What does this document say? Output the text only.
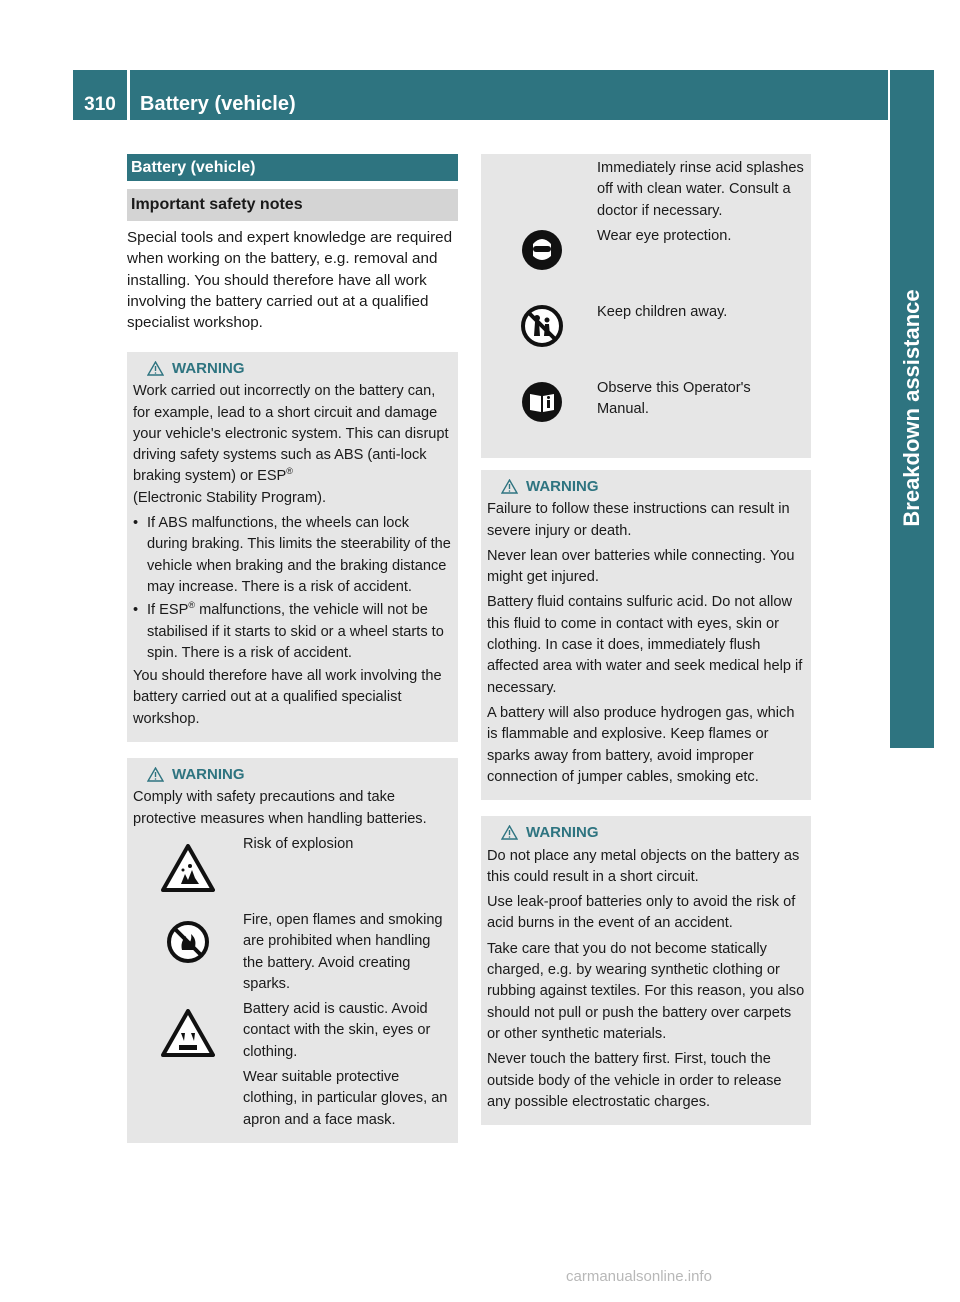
310	Battery (vehicle)
Breakdown assistance
Battery (vehicle)
Important safety notes

Special tools and expert knowledge are required when working on the battery, e.g. removal and installing. You should therefore have all work involving the battery carried out at a qualified specialist workshop.

WARNING

Work carried out incorrectly on the battery can, for example, lead to a short circuit and damage your vehicle's electronic system. This can disrupt driving safety systems such as ABS (anti-lock braking system) or ESP®
(Electronic Stability Program).

• If ABS malfunctions, the wheels can lock during braking. This limits the steerability of the vehicle when braking and the braking distance may increase. There is a risk of accident.
• If ESP® malfunctions, the vehicle will not be stabilised if it starts to skid or a wheel starts to spin. There is a risk of accident.

You should therefore have all work involving the battery carried out at a qualified specialist workshop.

WARNING

Comply with safety precautions and take protective measures when handling batteries.

Risk of explosion

Fire, open flames and smoking are prohibited when handling the battery. Avoid creating sparks.

Battery acid is caustic. Avoid contact with the skin, eyes or clothing.

Wear suitable protective clothing, in particular gloves, an apron and a face mask.

Immediately rinse acid splashes off with clean water. Consult a doctor if necessary.

Wear eye protection.

Keep children away.

Observe this Operator's Manual.

WARNING

Failure to follow these instructions can result in severe injury or death.

Never lean over batteries while connecting. You might get injured.

Battery fluid contains sulfuric acid. Do not allow this fluid to come in contact with eyes, skin or clothing. In case it does, immediately flush affected area with water and seek medical help if necessary.

A battery will also produce hydrogen gas, which is flammable and explosive. Keep flames or sparks away from battery, avoid improper connection of jumper cables, smoking etc.

WARNING

Do not place any metal objects on the battery as this could result in a short circuit.

Use leak-proof batteries only to avoid the risk of acid burns in the event of an accident.

Take care that you do not become statically charged, e.g. by wearing synthetic clothing or rubbing against textiles. For this reason, you also should not pull or push the battery over carpets or other synthetic materials.

Never touch the battery first. First, touch the outside body of the vehicle in order to release any possible electrostatic charges.

carmanualsonline.info
